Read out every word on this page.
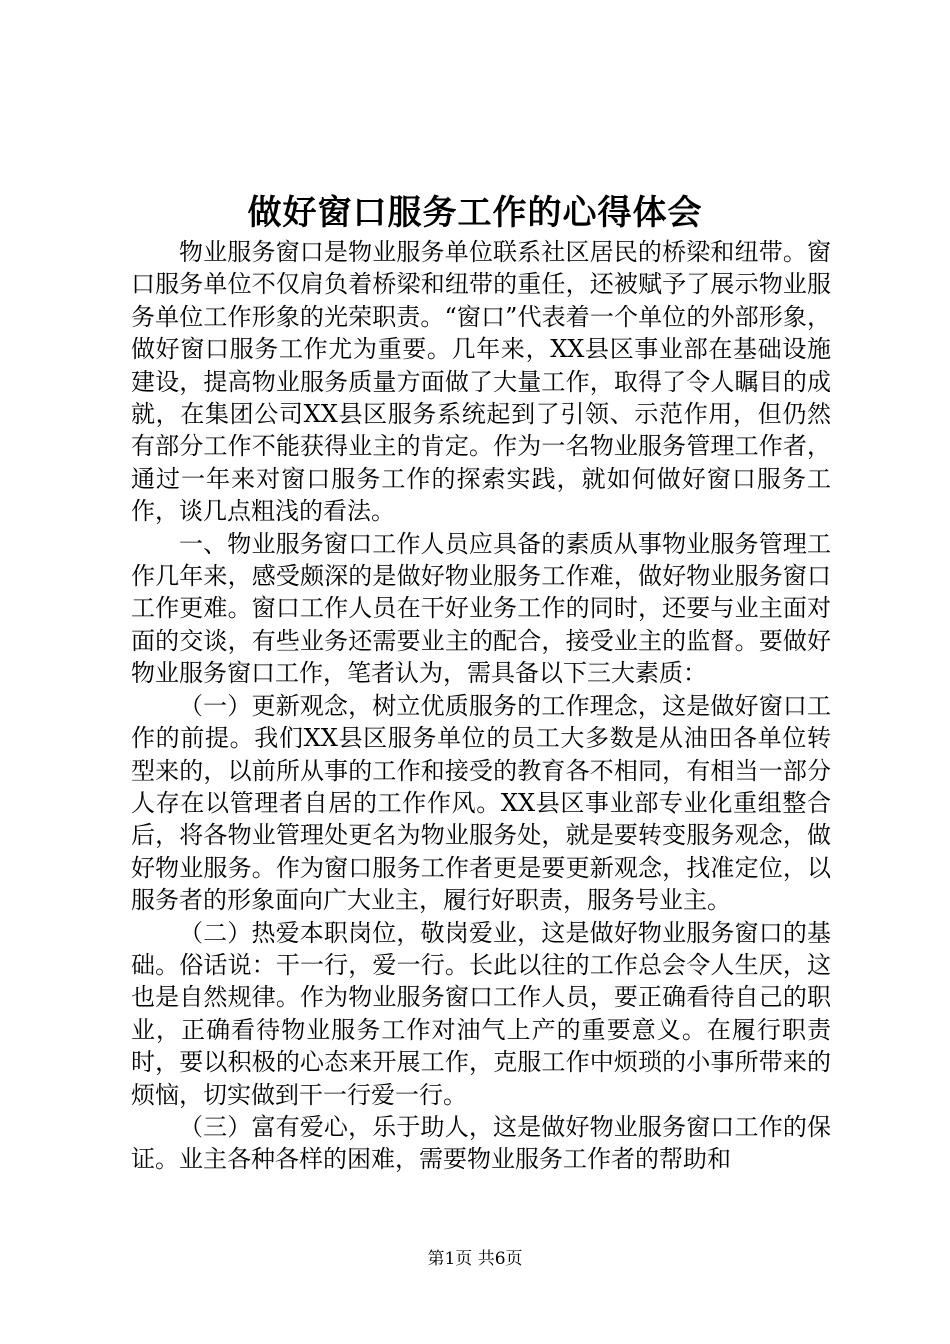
做好窗口服务工作的心得体会

物业服务窗口是物业服务单位联系社区居民的桥梁和纽带。窗口服务单位不仅肩负着桥梁和纽带的重任，还被赋予了展示物业服务单位工作形象的光荣职责。“窗口”代表着一个单位的外部形象，做好窗口服务工作尤为重要。几年来，XX县区事业部在基础设施建设，提高物业服务质量方面做了大量工作，取得了令人瞩目的成就，在集团公司XX县区服务系统起到了引领、示范作用，但仍然有部分工作不能获得业主的肯定。作为一名物业服务管理工作者，通过一年来对窗口服务工作的探索实践，就如何做好窗口服务工作，谈几点粗浅的看法。

一、物业服务窗口工作人员应具备的素质从事物业服务管理工作几年来，感受颇深的是做好物业服务工作难，做好物业服务窗口工作更难。窗口工作人员在干好业务工作的同时，还要与业主面对面的交谈，有些业务还需要业主的配合，接受业主的监督。要做好物业服务窗口工作，笔者认为，需具备以下三大素质：

（一）更新观念，树立优质服务的工作理念，这是做好窗口工作的前提。我们XX县区服务单位的员工大多数是从油田各单位转型来的，以前所从事的工作和接受的教育各不相同，有相当一部分人存在以管理者自居的工作作风。XX县区事业部专业化重组整合后，将各物业管理处更名为物业服务处，就是要转变服务观念，做好物业服务。作为窗口服务工作者更是要更新观念，找准定位，以服务者的形象面向广大业主，履行好职责，服务号业主。

（二）热爱本职岗位，敬岗爱业，这是做好物业服务窗口的基础。俗话说：干一行，爱一行。长此以往的工作总会令人生厌，这也是自然规律。作为物业服务窗口工作人员，要正确看待自己的职业，正确看待物业服务工作对油气上产的重要意义。在履行职责时，要以积极的心态来开展工作，克服工作中烦琐的小事所带来的烦恼，切实做到干一行爱一行。

（三）富有爱心，乐于助人，这是做好物业服务窗口工作的保证。业主各种各样的困难，需要物业服务工作者的帮助和

第1页 共6页
